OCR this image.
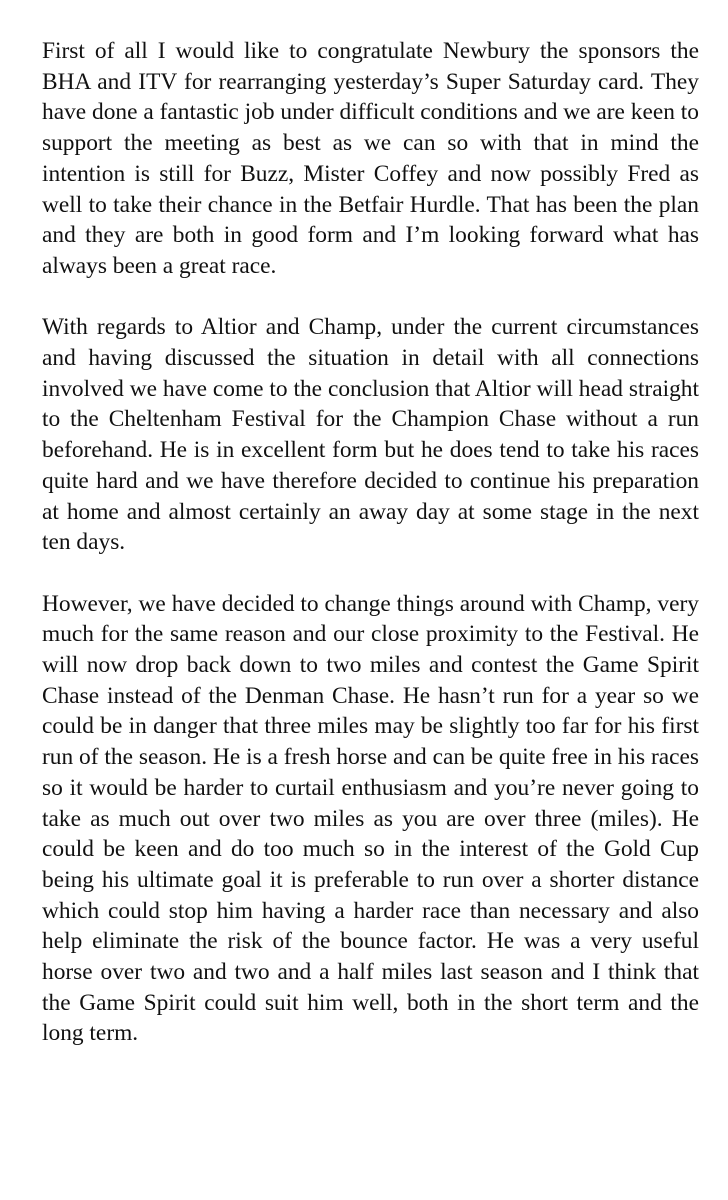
First of all I would like to congratulate Newbury the sponsors the BHA and ITV for rearranging yesterday’s Super Saturday card. They have done a fantastic job under difficult conditions and we are keen to support the meeting as best as we can so with that in mind the intention is still for Buzz, Mister Coffey and now possibly Fred as well to take their chance in the Betfair Hurdle. That has been the plan and they are both in good form and I’m looking forward what has always been a great race.

With regards to Altior and Champ, under the current circumstances and having discussed the situation in detail with all connections involved we have come to the conclusion that Altior will head straight to the Cheltenham Festival for the Champion Chase without a run beforehand. He is in excellent form but he does tend to take his races quite hard and we have therefore decided to continue his preparation at home and almost certainly an away day at some stage in the next ten days.

However, we have decided to change things around with Champ, very much for the same reason and our close proximity to the Festival. He will now drop back down to two miles and contest the Game Spirit Chase instead of the Denman Chase. He hasn’t run for a year so we could be in danger that three miles may be slightly too far for his first run of the season. He is a fresh horse and can be quite free in his races so it would be harder to curtail enthusiasm and you’re never going to take as much out over two miles as you are over three (miles). He could be keen and do too much so in the interest of the Gold Cup being his ultimate goal it is preferable to run over a shorter distance which could stop him having a harder race than necessary and also help eliminate the risk of the bounce factor. He was a very useful horse over two and two and a half miles last season and I think that the Game Spirit could suit him well, both in the short term and the long term.
